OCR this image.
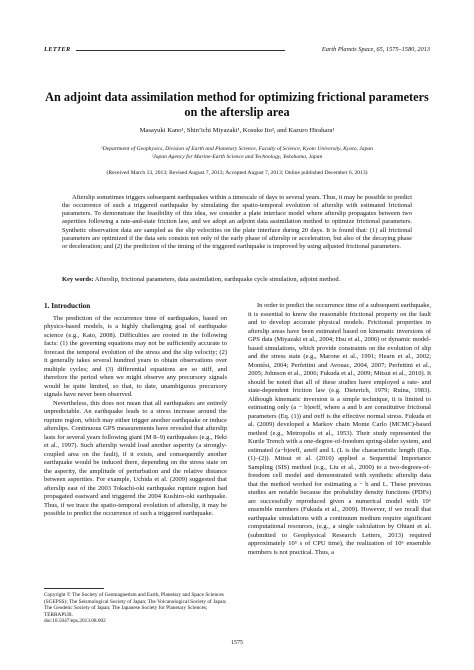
LETTER	Earth Planets Space, 65, 1575–1580, 2013
An adjoint data assimilation method for optimizing frictional parameters on the afterslip area
Masayuki Kano¹, Shin’ichi Miyazaki¹, Kosuke Ito², and Kazuro Hirahara¹
¹Department of Geophysics, Division of Earth and Planetary Science, Faculty of Science, Kyoto University, Kyoto, Japan
²Japan Agency for Marine-Earth Science and Technology, Yokohama, Japan
(Received March 13, 2013; Revised August 7, 2013; Accepted August 7, 2013; Online published December 6, 2013)

Afterslip sometimes triggers subsequent earthquakes within a timescale of days to several years. Thus, it may be possible to predict the occurrence of such a triggered earthquake by simulating the spatio-temporal evolution of afterslip with estimated frictional parameters. To demonstrate the feasibility of this idea, we consider a plate interface model where afterslip propagates between two asperities following a rate-and-state friction law, and we adopt an adjoint data assimilation method to optimize frictional parameters. Synthetic observation data are sampled as the slip velocities on the plate interface during 20 days. It is found that: (1) all frictional parameters are optimized if the data sets consists not only of the early phase of afterslip or acceleration, but also of the decaying phase or deceleration; and (2) the prediction of the timing of the triggered earthquake is improved by using adjusted frictional parameters.

Key words: Afterslip, frictional parameters, data assimilation, earthquake cycle simulation, adjoint method.
1. Introduction

The prediction of the occurrence time of earthquakes, based on physics-based models, is a highly challenging goal of earthquake science (e.g., Kato, 2008). Difficulties are rooted in the following facts: (1) the governing equations may not be sufficiently accurate to forecast the temporal evolution of the stress and the slip velocity; (2) it generally takes several hundred years to obtain observations over multiple cycles; and (3) differential equations are so stiff, and therefore the period when we might observe any precursory signals would be quite limited, so that, to date, unambiguous precursory signals have never been observed.

Nevertheless, this does not mean that all earthquakes are entirely unpredictable. An earthquake leads to a stress increase around the rupture region, which may either trigger another earthquake or induce afterslips. Continuous GPS measurements have revealed that afterslip lasts for several years following giant (M 8–9) earthquakes (e.g., Heki et al., 1997). Such afterslip would load another asperity (a strongly-coupled area on the fault), if it exists, and consequently another earthquake would be induced there, depending on the stress state on the asperity, the amplitude of perturbation and the relative distance between asperities. For example, Uchida et al. (2009) suggested that afterslip east of the 2003 Tokachi-oki earthquake rupture region had propagated eastward and triggered the 2004 Kushiro-oki earthquake. Thus, if we trace the spatio-temporal evolution of afterslip, it may be possible to predict the occurrence of such a triggered earthquake.

In order to predict the occurrence time of a subsequent earthquake, it is essential to know the reasonable frictional property on the fault and to develop accurate physical models. Frictional properties in afterslip areas have been estimated based on kinematic inversions of GPS data (Miyazaki et al., 2004; Hsu et al., 2006) or dynamic model-based simulations, which provide constraints on the evolution of slip and the stress state (e.g., Marone et al., 1991; Hearn et al., 2002; Montési, 2004; Perfettini and Avouac, 2004, 2007; Perfettini et al., 2005; Johnson et al., 2006; Fukuda et al., 2009; Mitsui et al., 2010). It should be noted that all of these studies have employed a rate- and state-dependent friction law (e.g. Dieterich, 1979; Ruina, 1983). Although kinematic inversion is a simple technique, it is limited to estimating only (a − b)σeff, where a and b are constitutive frictional parameters (Eq. (1)) and σeff is the effective normal stress. Fukuda et al. (2009) developed a Markov chain Monte Carlo (MCMC)-based method (e.g., Metropolis et al., 1953). Their study represented the Kurile Trench with a one-degree-of-freedom spring-slider system, and estimated (a−b)σeff, aσeff and L (L is the characteristic length (Eqs. (1)–(2)). Mitsui et al. (2010) applied a Sequential Importance Sampling (SIS) method (e.g., Liu et al., 2000) to a two-degrees-of-freedom cell model and demonstrated with synthetic afterslip data that the method worked for estimating a − b and L. These previous studies are notable because the probability density functions (PDFs) are successfully reproduced given a numerical model with 10⁶ ensemble members (Fukuda et al., 2009). However, if we recall that earthquake simulations with a continuum medium require significant computational resources, (e.g., a single calculation by Ohtani et al. (submitted to Geophysical Research Letters, 2013) required approximately 10⁵ s of CPU time), the realization of 10⁶ ensemble members is not practical. Thus, a

Copyright © The Society of Geomagnetism and Earth, Planetary and Space Sciences (SGEPSS); The Seismological Society of Japan; The Volcanological Society of Japan; The Geodetic Society of Japan; The Japanese Society for Planetary Sciences; TERRAPUB.
doi:10.5047/eps.2013.08.002
1575
